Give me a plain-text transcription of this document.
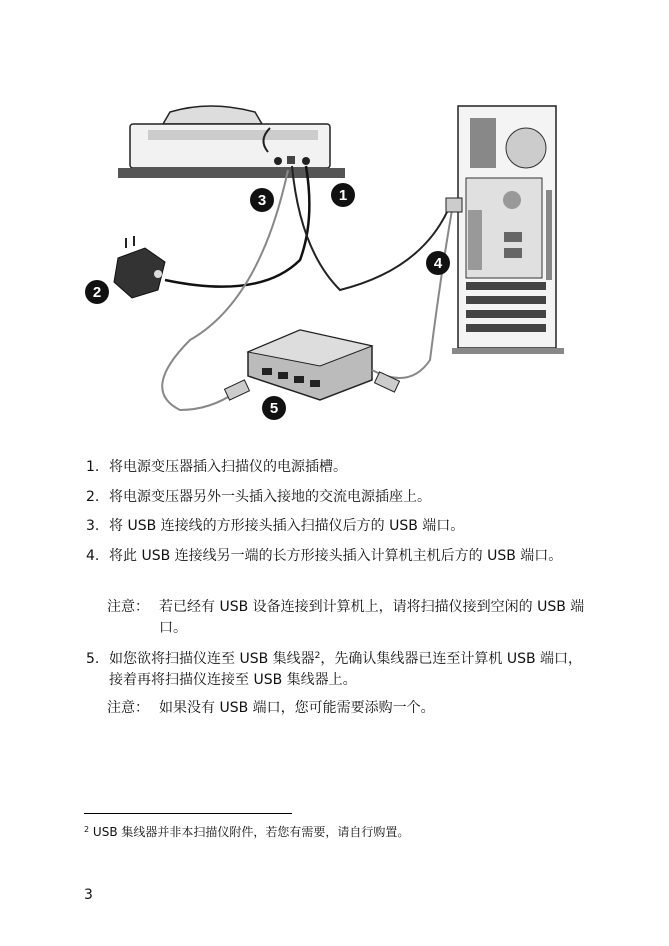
1
2
3
4
5
1. 将电源变压器插入扫描仪的电源插槽。
2. 将电源变压器另外一头插入接地的交流电源插座上。
3. 将 USB 连接线的方形接头插入扫描仪后方的 USB 端口。
4. 将此 USB 连接线另一端的长方形接头插入计算机主机后方的 USB 端口。
注意： 若已经有 USB 设备连接到计算机上，请将扫描仪接到空闲的 USB 端口。
5. 如您欲将扫描仪连至 USB 集线器$^2$，先确认集线器已连至计算机 USB 端口， 接着再将扫描仪连接至 USB 集线器上。
注意： 如果没有 USB 端口，您可能需要添购一个。
$^2$ USB 集线器并非本扫描仪附件，若您有需要，请自行购置。
3
